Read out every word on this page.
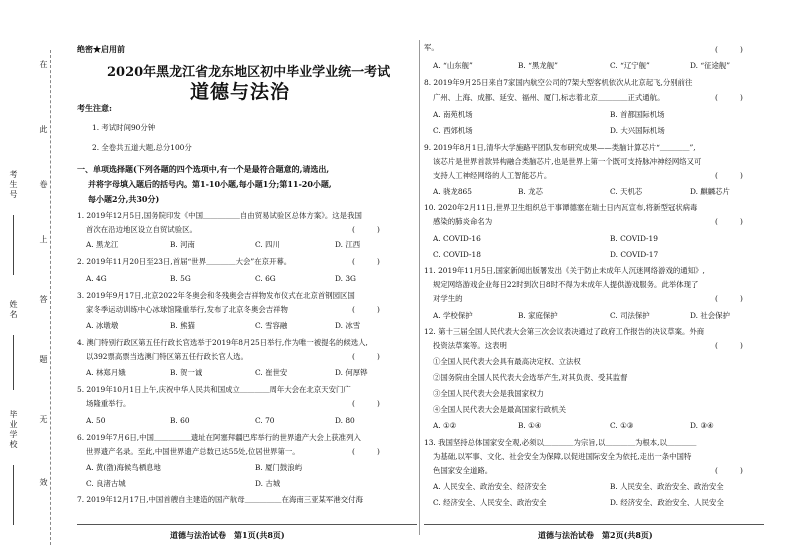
在
此
卷
上
答
题
无
效
考生号
姓名
毕业学校
绝密★启用前
2020年黑龙江省龙东地区初中毕业学业统一考试
道德与法治
考生注意:
1. 考试时间90分钟
2. 全卷共五道大题,总分100分
一、单项选择题(下列各题的四个选项中,有一个是最符合题意的,请选出,
并将字母填入题后的括号内。第1-10小题,每小题1分;第11-20小题,
每小题2分,共30分)
1. 2019年12月5日,国务院印发《中国＿＿＿＿＿自由贸易试验区总体方案》。这是我国
首次在沿边地区设立自贸试验区。	(　　　)
A. 黑龙江	B. 河南	C. 四川	D. 江西
2. 2019年11月20日至23日,首届“世界＿＿＿＿大会”在京开幕。	(　　　)
A. 4G	B. 5G	C. 6G	D. 3G
3. 2019年9月17日,北京2022年冬奥会和冬残奥会吉祥物发布仪式在北京首钢园区国
家冬季运动训练中心冰球馆隆重举行,发布了北京冬奥会吉祥物	(　　　)
A. 冰墩墩	B. 熊猫	C. 雪容融	D. 冰雪
4. 澳门特别行政区第五任行政长官选举于2019年8月25日举行,作为唯一被提名的候选人,
以392票高票当选澳门特区第五任行政长官人选。	(　　　)
A. 林郑月娥	B. 贺一诚	C. 崔世安	D. 何厚铧
5. 2019年10月1日上午,庆祝中华人民共和国成立＿＿＿＿周年大会在北京天安门广
场隆重举行。	(　　　)
A. 50	B. 60	C. 70	D. 80
6. 2019年7月6日,中国＿＿＿＿＿遗址在阿塞拜疆巴库举行的世界遗产大会上获准列入
世界遗产名录。至此,中国世界遗产总数已达55处,位居世界第一。	(　　　)
A. 黄(渤)海候鸟栖息地	B. 厦门鼓浪屿
C. 良渚古城	D. 古城
7. 2019年12月17日,中国首艘自主建造的国产航母＿＿＿＿＿在海南三亚某军港交付海
道德与法治试卷　第1页(共8页)
军。	(　　　)
A. “山东舰”	B. “黑龙舰”	C. “辽宁舰”	D. “征途舰”
8. 2019年9月25日来自7家国内航空公司的7架大型客机依次从北京起飞,分别前往
广州、上海、成都、延安、福州、厦门,标志着北京＿＿＿＿正式通航。	(　　　)
A. 南苑机场	B. 首都国际机场
C. 西郊机场	D. 大兴国际机场
9. 2019年8月1日,清华大学施路平团队发布研究成果——类脑计算芯片“＿＿＿＿”,
该芯片是世界首款异构融合类脑芯片,也是世界上第一个既可支持脉冲神经网络又可
支持人工神经网络的人工智能芯片。	(　　　)
A. 骁龙865	B. 龙芯	C. 天机芯	D. 麒麟芯片
10. 2020年2月11日,世界卫生组织总干事谭德塞在瑞士日内瓦宣布,将新型冠状病毒
感染的肺炎命名为	(　　　)
A. COVID-16	B. COVID-19
C. COVID-18	D. COVID-17
11. 2019年11月5日,国家新闻出版署发出《关于防止未成年人沉迷网络游戏的通知》,
规定网络游戏企业每日22时到次日8时不得为未成年人提供游戏服务。此举体现了
对学生的	(　　　)
A. 学校保护	B. 家庭保护	C. 司法保护	D. 社会保护
12. 第十三届全国人民代表大会第三次会议表决通过了政府工作报告的决议草案。外商
投资法草案等。这表明	(　　　)
①全国人民代表大会具有最高决定权、立法权
②国务院由全国人民代表大会选举产生,对其负责、受其监督
③全国人民代表大会是我国家权力
④全国人民代表大会是最高国家行政机关
A. ①②	B. ①④	C. ①③	D. ③④
13. 我国坚持总体国家安全观,必须以＿＿＿＿为宗旨,以＿＿＿＿为根本,以＿＿＿＿
为基础,以军事、文化、社会安全为保障,以促进国际安全为依托,走出一条中国特
色国家安全道路。	(　　　)
A. 人民安全、政治安全、经济安全	B. 人民安全、政治安全、政治安全
C. 经济安全、人民安全、政治安全	D. 经济安全、政治安全、人民安全
道德与法治试卷　第2页(共8页)
